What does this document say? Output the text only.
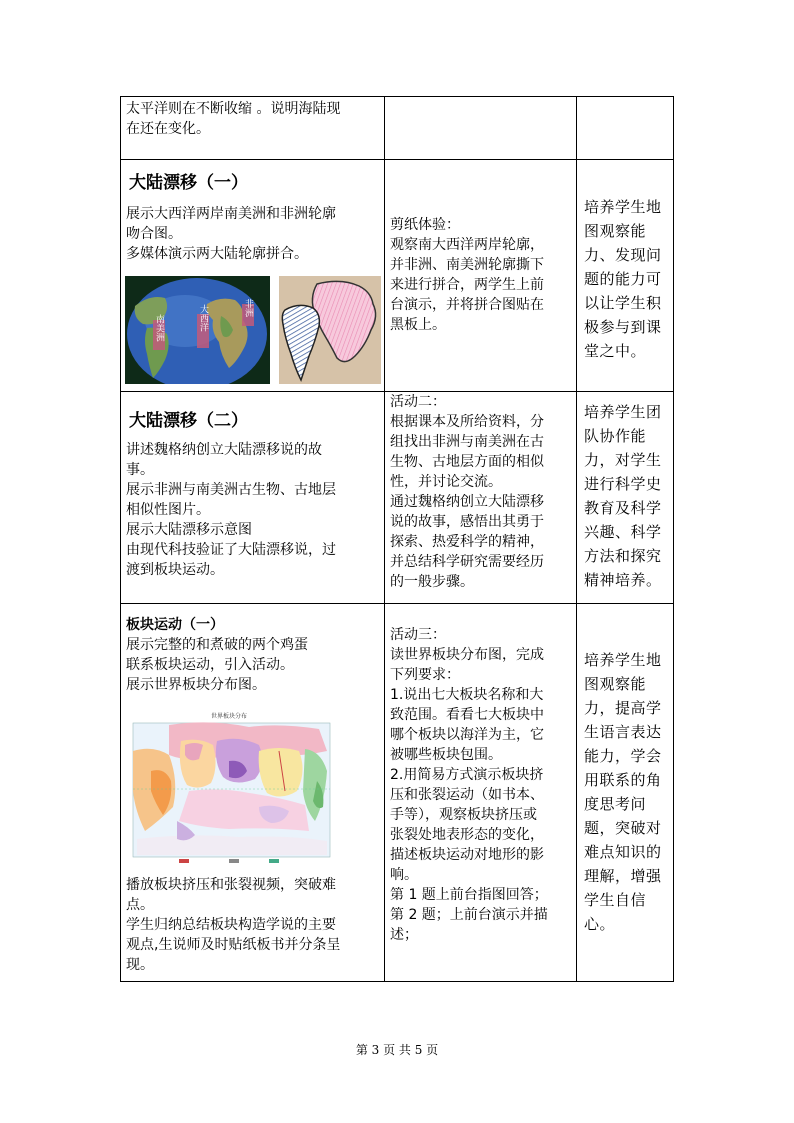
太平洋则在不断收缩 。说明海陆现
在还在变化。
大陆漂移（一）
展示大西洋两岸南美洲和非洲轮廓
吻合图。
多媒体演示两大陆轮廓拼合。
南美洲	大西洋	非洲
剪纸体验：
观察南大西洋两岸轮廓，
并非洲、南美洲轮廓撕下
来进行拼合，两学生上前
台演示，并将拼合图贴在
黑板上。
培养学生地
图观察能
力、发现问
题的能力可
以让学生积
极参与到课
堂之中。
大陆漂移（二）
讲述魏格纳创立大陆漂移说的故
事。
展示非洲与南美洲古生物、古地层
相似性图片。
展示大陆漂移示意图
由现代科技验证了大陆漂移说，过
渡到板块运动。
活动二：
根据课本及所给资料，分
组找出非洲与南美洲在古
生物、古地层方面的相似
性，并讨论交流。
通过魏格纳创立大陆漂移
说的故事，感悟出其勇于
探索、热爱科学的精神，
并总结科学研究需要经历
的一般步骤。
培养学生团
队协作能
力，对学生
进行科学史
教育及科学
兴趣、科学
方法和探究
精神培养。
板块运动（一）
展示完整的和煮破的两个鸡蛋
联系板块运动，引入活动。
展示世界板块分布图。
世界板块分布
播放板块挤压和张裂视频，突破难
点。
学生归纳总结板块构造学说的主要
观点,生说师及时贴纸板书并分条呈
现。
活动三：
读世界板块分布图，完成
下列要求：
1.说出七大板块名称和大
致范围。看看七大板块中
哪个板块以海洋为主，它
被哪些板块包围。
2.用简易方式演示板块挤
压和张裂运动（如书本、
手等），观察板块挤压或
张裂处地表形态的变化，
描述板块运动对地形的影
响。
第 1 题上前台指图回答；
第 2 题；上前台演示并描
述；
培养学生地
图观察能
力，提高学
生语言表达
能力，学会
用联系的角
度思考问
题，突破对
难点知识的
理解，增强
学生自信
心。
第 3 页 共 5 页
